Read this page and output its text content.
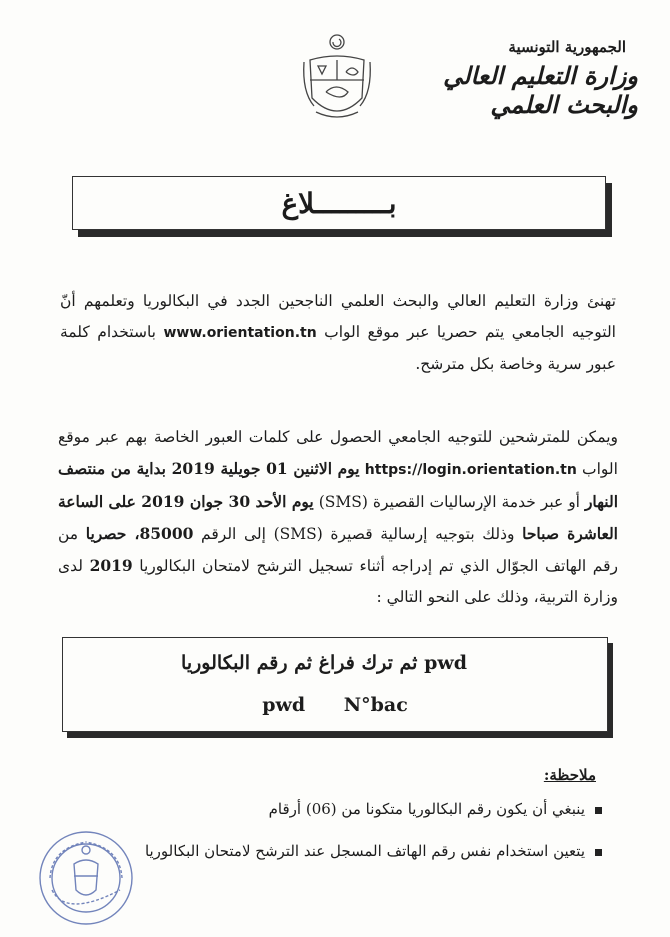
الجمهورية التونسية
وزارة التعليم العالي
والبحث العلمي
بـــــــــلاغ
تهنئ وزارة التعليم العالي والبحث العلمي الناجحين الجدد في البكالوريا وتعلمهم أنّ التوجيه الجامعي يتم حصريا عبر موقع الواب www.orientation.tn باستخدام كلمة عبور سرية وخاصة بكل مترشح.
ويمكن للمترشحين للتوجيه الجامعي الحصول على كلمات العبور الخاصة بهم عبر موقع الواب https://login.orientation.tn يوم الاثنين 01 جويلية 2019 بداية من منتصف النهار أو عبر خدمة الإرساليات القصيرة (SMS) يوم الأحد 30 جوان 2019 على الساعة العاشرة صباحا وذلك بتوجيه إرسالية قصيرة (SMS) إلى الرقم 85000، حصريا من رقم الهاتف الجوّال الذي تم إدراجه أثناء تسجيل الترشح لامتحان البكالوريا 2019 لدى وزارة التربية، وذلك على النحو التالي :
pwd ثم ترك فراغ ثم رقم البكالوريا
pwd N°bac
ملاحظة:
ينبغي أن يكون رقم البكالوريا متكونا من (06) أرقام
يتعين استخدام نفس رقم الهاتف المسجل عند الترشح لامتحان البكالوريا
